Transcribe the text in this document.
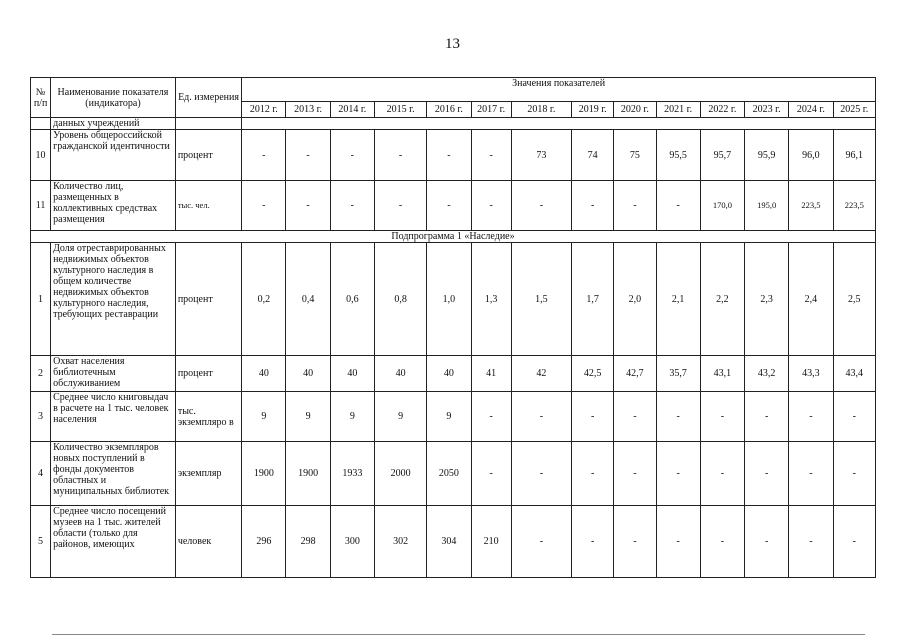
13
№ п/п	Наименование показателя (индикатора)	Ед. измерения	Значения показателей													
			2012 г.	2013 г.	2014 г.	2015 г.	2016 г.	2017 г.	2018 г.	2019 г.	2020 г.	2021 г.	2022 г.	2023 г.	2024 г.	2025 г.
	данных учреждений															
10	Уровень общероссийской гражданской идентичности	процент	-	-	-	-	-	-	73	74	75	95,5	95,7	95,9	96,0	96,1
11	Количество лиц, размещенных в коллективных средствах размещения	тыс. чел.	-	-	-	-	-	-	-	-	-	-	170,0	195,0	223,5	223,5
Подпрограмма 1 «Наследие»																
1	Доля отреставрированных недвижимых объектов культурного наследия в общем количестве недвижимых объектов культурного наследия, требующих реставрации	процент	0,2	0,4	0,6	0,8	1,0	1,3	1,5	1,7	2,0	2,1	2,2	2,3	2,4	2,5
2	Охват населения библиотечным обслуживанием	процент	40	40	40	40	40	41	42	42,5	42,7	35,7	43,1	43,2	43,3	43,4
3	Среднее число книговыдач в расчете на 1 тыс. человек населения	тыс. экземпляро в	9	9	9	9	9	-	-	-	-	-	-	-	-	-
4	Количество экземпляров новых поступлений в фонды документов областных и муниципальных библиотек	экземпляр	1900	1900	1933	2000	2050	-	-	-	-	-	-	-	-	-
5	Среднее число посещений музеев на 1 тыс. жителей области (только для районов, имеющих	человек	296	298	300	302	304	210	-	-	-	-	-	-	-	-
